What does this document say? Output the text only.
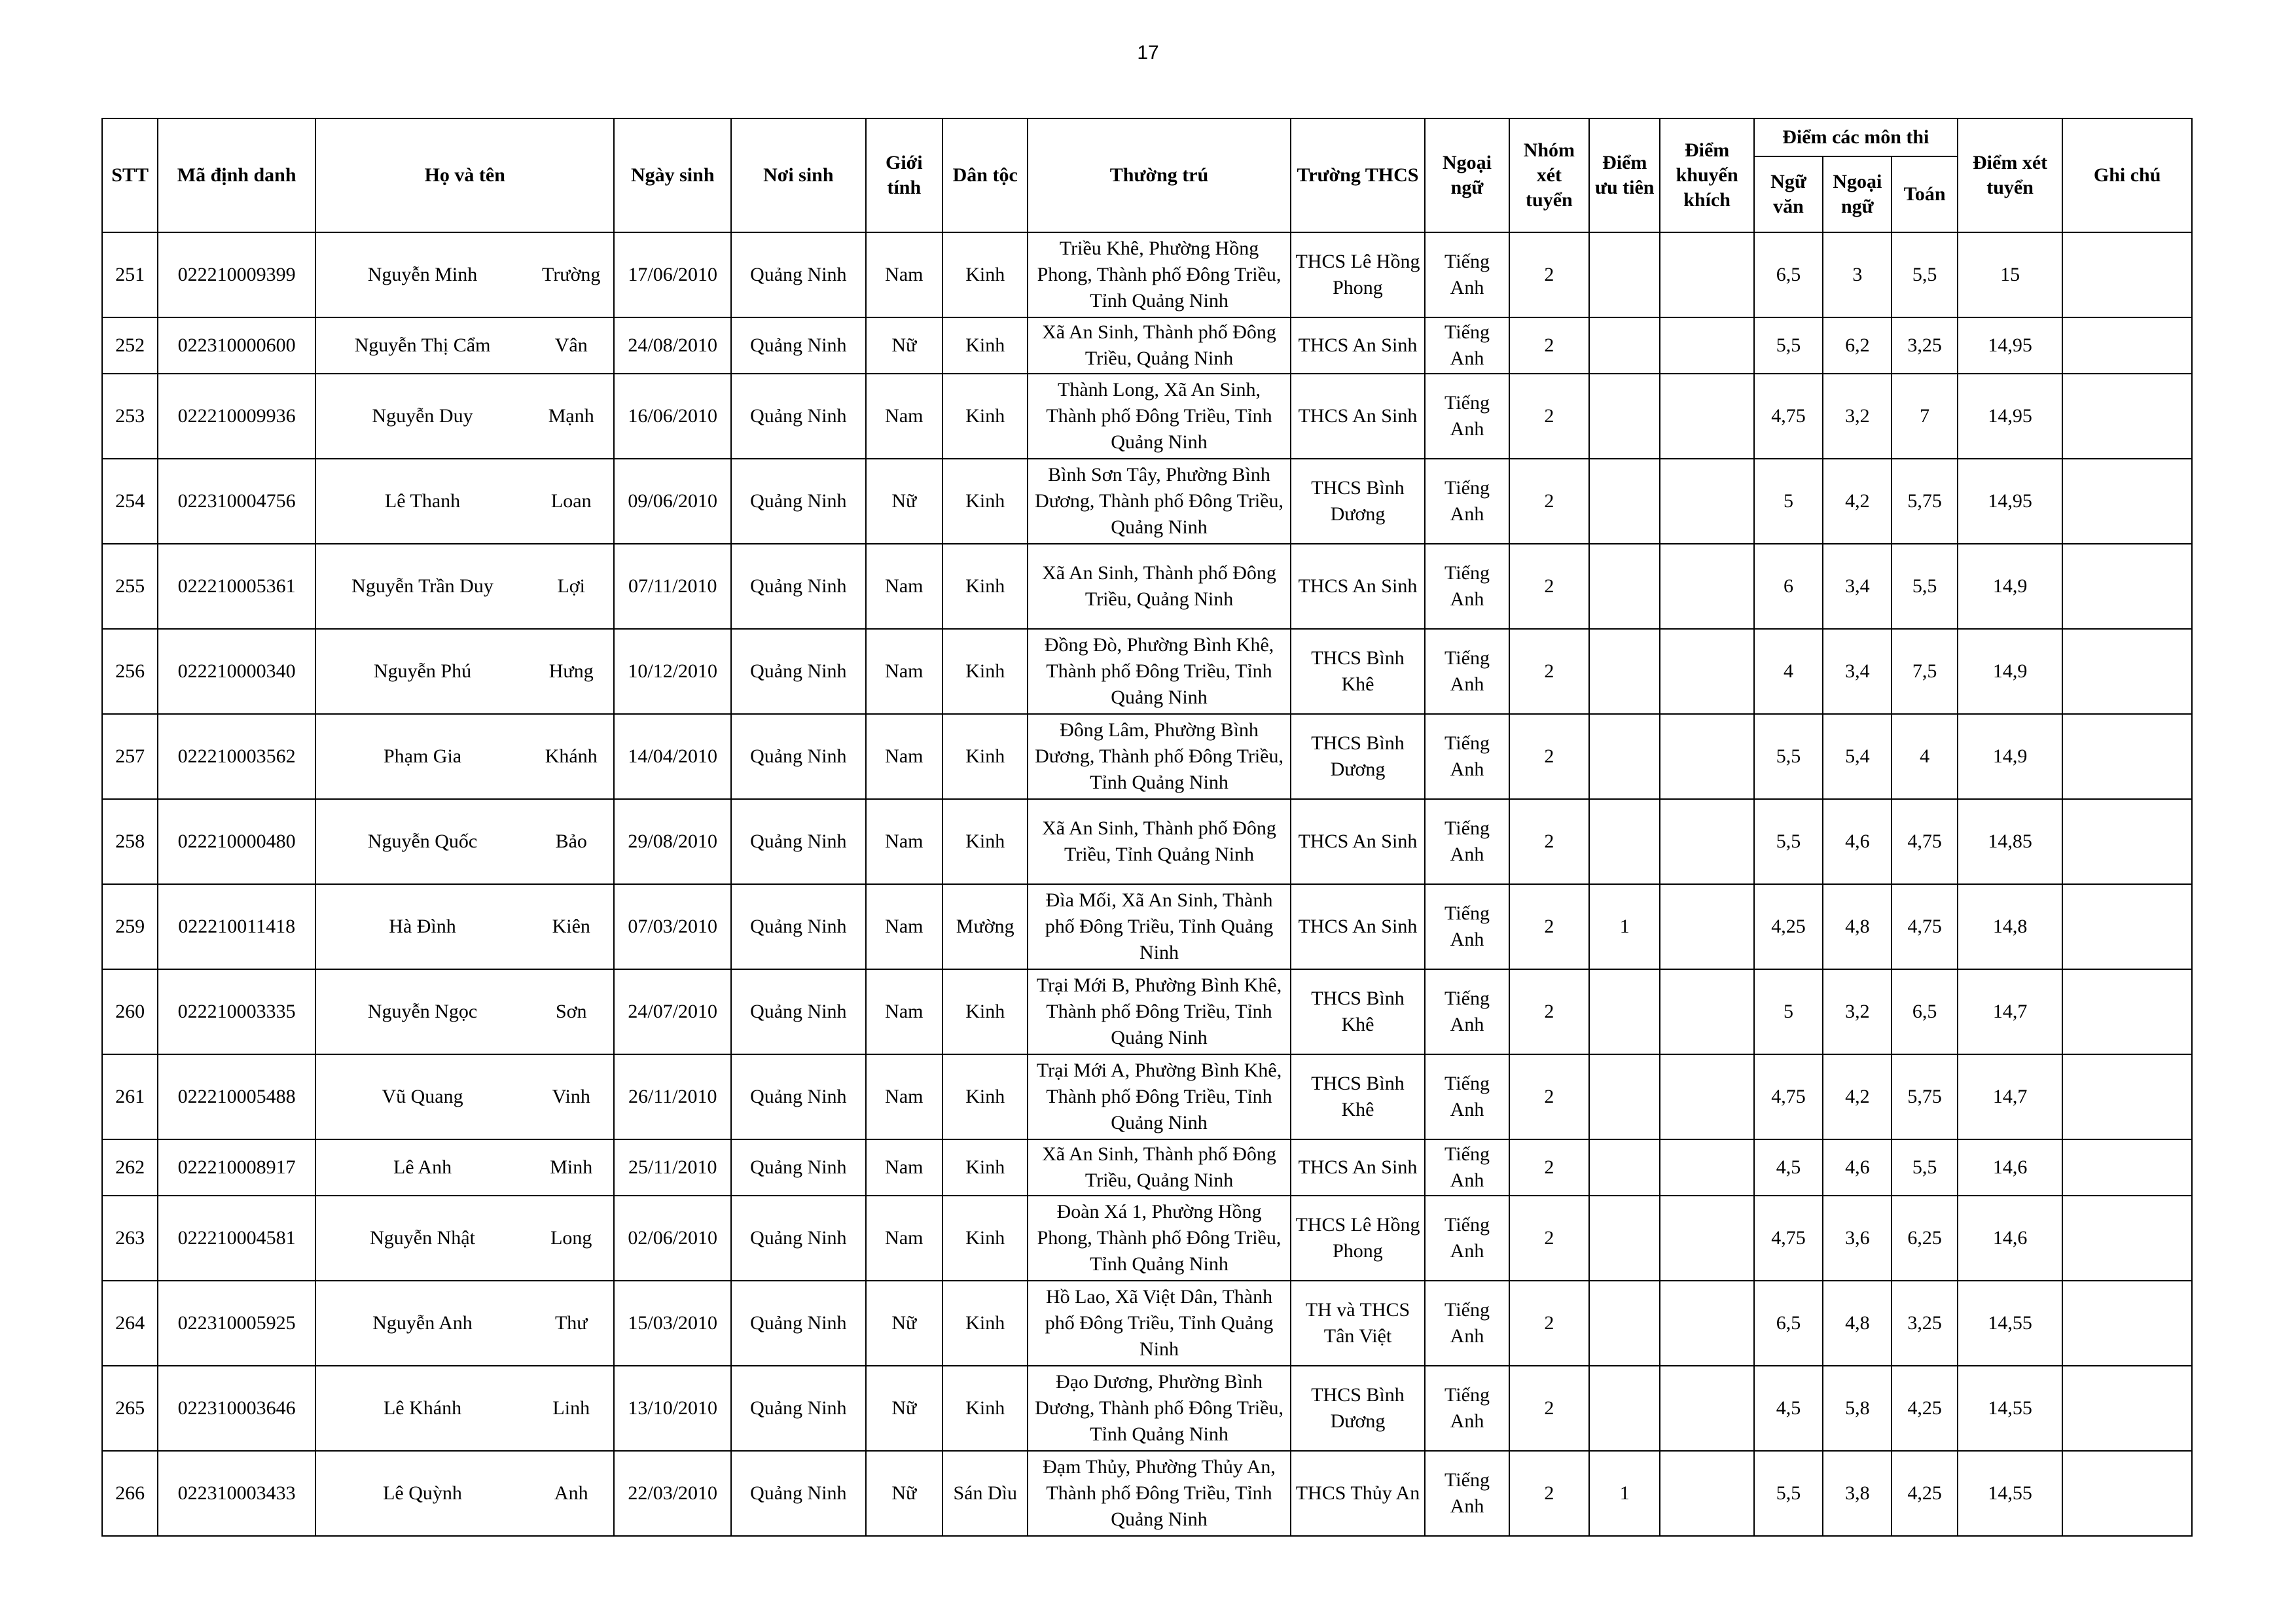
17
STT	Mã định danh	Họ và tên		Ngày sinh	Nơi sinh	Giới tính	Dân tộc	Thường trú	Trường THCS	Ngoại ngữ	Nhóm xét tuyển	Điểm ưu tiên	Điểm khuyến khích	Điểm các môn thi			Điểm xét tuyển	Ghi chú
														Ngữ văn	Ngoại ngữ	Toán		
251	022210009399	Nguyễn Minh	Trường	17/06/2010	Quảng Ninh	Nam	Kinh	Triều Khê, Phường Hồng Phong, Thành phố Đông Triều, Tỉnh Quảng Ninh	THCS Lê Hồng Phong	Tiếng Anh	2			6,5	3	5,5	15	
252	022310000600	Nguyễn Thị Cẩm	Vân	24/08/2010	Quảng Ninh	Nữ	Kinh	Xã An Sinh, Thành phố Đông Triều, Quảng Ninh	THCS An Sinh	Tiếng Anh	2			5,5	6,2	3,25	14,95	
253	022210009936	Nguyễn Duy	Mạnh	16/06/2010	Quảng Ninh	Nam	Kinh	Thành Long, Xã An Sinh, Thành phố Đông Triều, Tỉnh Quảng Ninh	THCS An Sinh	Tiếng Anh	2			4,75	3,2	7	14,95	
254	022310004756	Lê Thanh	Loan	09/06/2010	Quảng Ninh	Nữ	Kinh	Bình Sơn Tây, Phường Bình Dương, Thành phố Đông Triều, Quảng Ninh	THCS Bình Dương	Tiếng Anh	2			5	4,2	5,75	14,95	
255	022210005361	Nguyễn Trần Duy	Lợi	07/11/2010	Quảng Ninh	Nam	Kinh	Xã An Sinh, Thành phố Đông Triều, Quảng Ninh	THCS An Sinh	Tiếng Anh	2			6	3,4	5,5	14,9	
256	022210000340	Nguyễn Phú	Hưng	10/12/2010	Quảng Ninh	Nam	Kinh	Đồng Đò, Phường Bình Khê, Thành phố Đông Triều, Tỉnh Quảng Ninh	THCS Bình Khê	Tiếng Anh	2			4	3,4	7,5	14,9	
257	022210003562	Phạm Gia	Khánh	14/04/2010	Quảng Ninh	Nam	Kinh	Đông Lâm, Phường Bình Dương, Thành phố Đông Triều, Tỉnh Quảng Ninh	THCS Bình Dương	Tiếng Anh	2			5,5	5,4	4	14,9	
258	022210000480	Nguyễn Quốc	Bảo	29/08/2010	Quảng Ninh	Nam	Kinh	Xã An Sinh, Thành phố Đông Triều, Tỉnh Quảng Ninh	THCS An Sinh	Tiếng Anh	2			5,5	4,6	4,75	14,85	
259	022210011418	Hà Đình	Kiên	07/03/2010	Quảng Ninh	Nam	Mường	Đìa Mối, Xã An Sinh, Thành phố Đông Triều, Tỉnh Quảng Ninh	THCS An Sinh	Tiếng Anh	2	1		4,25	4,8	4,75	14,8	
260	022210003335	Nguyễn Ngọc	Sơn	24/07/2010	Quảng Ninh	Nam	Kinh	Trại Mới B, Phường Bình Khê, Thành phố Đông Triều, Tỉnh Quảng Ninh	THCS Bình Khê	Tiếng Anh	2			5	3,2	6,5	14,7	
261	022210005488	Vũ Quang	Vinh	26/11/2010	Quảng Ninh	Nam	Kinh	Trại Mới A, Phường Bình Khê, Thành phố Đông Triều, Tỉnh Quảng Ninh	THCS Bình Khê	Tiếng Anh	2			4,75	4,2	5,75	14,7	
262	022210008917	Lê Anh	Minh	25/11/2010	Quảng Ninh	Nam	Kinh	Xã An Sinh, Thành phố Đông Triều, Quảng Ninh	THCS An Sinh	Tiếng Anh	2			4,5	4,6	5,5	14,6	
263	022210004581	Nguyễn Nhật	Long	02/06/2010	Quảng Ninh	Nam	Kinh	Đoàn Xá 1, Phường Hồng Phong, Thành phố Đông Triều, Tỉnh Quảng Ninh	THCS Lê Hồng Phong	Tiếng Anh	2			4,75	3,6	6,25	14,6	
264	022310005925	Nguyễn Anh	Thư	15/03/2010	Quảng Ninh	Nữ	Kinh	Hồ Lao, Xã Việt Dân, Thành phố Đông Triều, Tỉnh Quảng Ninh	TH và THCS Tân Việt	Tiếng Anh	2			6,5	4,8	3,25	14,55	
265	022310003646	Lê Khánh	Linh	13/10/2010	Quảng Ninh	Nữ	Kinh	Đạo Dương, Phường Bình Dương, Thành phố Đông Triều, Tỉnh Quảng Ninh	THCS Bình Dương	Tiếng Anh	2			4,5	5,8	4,25	14,55	
266	022310003433	Lê Quỳnh	Anh	22/03/2010	Quảng Ninh	Nữ	Sán Dìu	Đạm Thủy, Phường Thủy An, Thành phố Đông Triều, Tỉnh Quảng Ninh	THCS Thủy An	Tiếng Anh	2	1		5,5	3,8	4,25	14,55	
